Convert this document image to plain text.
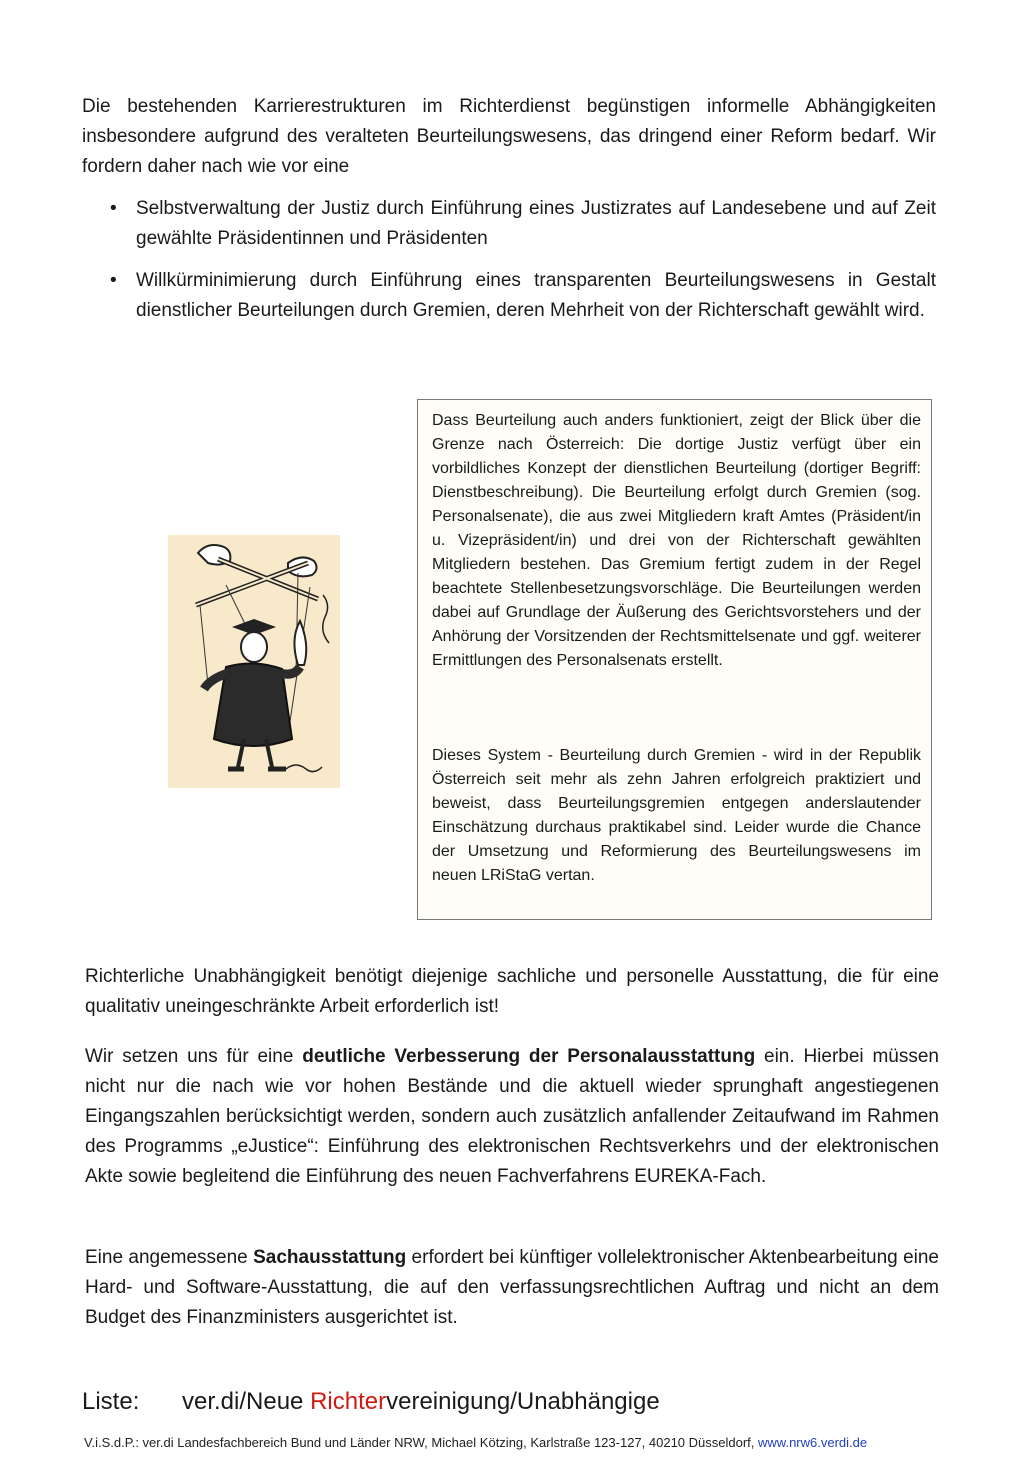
Die bestehenden Karrierestrukturen im Richterdienst begünstigen informelle Abhängigkeiten insbesondere aufgrund des veralteten Beurteilungswesens, das dringend einer Reform bedarf. Wir fordern daher nach wie vor eine

• Selbstverwaltung der Justiz durch Einführung eines Justizrates auf Landesebene und auf Zeit gewählte Präsidentinnen und Präsidenten
• Willkürminimierung durch Einführung eines transparenten Beurteilungswesens in Gestalt dienstlicher Beurteilungen durch Gremien, deren Mehrheit von der Richterschaft gewählt wird.

Dass Beurteilung auch anders funktioniert, zeigt der Blick über die Grenze nach Österreich: Die dortige Justiz verfügt über ein vorbildliches Konzept der dienstlichen Beurteilung (dortiger Begriff: Dienstbeschreibung). Die Beurteilung erfolgt durch Gremien (sog. Personalsenate), die aus zwei Mitgliedern kraft Amtes (Präsident/in u. Vizepräsident/in) und drei von der Richterschaft gewählten Mitgliedern bestehen. Das Gremium fertigt zudem in der Regel beachtete Stellenbesetzungsvorschläge. Die Beurteilungen werden dabei auf Grundlage der Äußerung des Gerichtsvorstehers und der Anhörung der Vorsitzenden der Rechtsmittelsenate und ggf. weiterer Ermittlungen des Personalsenats erstellt.

Dieses System - Beurteilung durch Gremien - wird in der Republik Österreich seit mehr als zehn Jahren erfolgreich praktiziert und beweist, dass Beurteilungsgremien entgegen anderslautender Einschätzung durchaus praktikabel sind. Leider wurde die Chance der Umsetzung und Reformierung des Beurteilungswesens im neuen LRiStaG vertan.

Richterliche Unabhängigkeit benötigt diejenige sachliche und personelle Ausstattung, die für eine qualitativ uneingeschränkte Arbeit erforderlich ist!

Wir setzen uns für eine deutliche Verbesserung der Personalausstattung ein. Hierbei müssen nicht nur die nach wie vor hohen Bestände und die aktuell wieder sprunghaft angestiegenen Eingangszahlen berücksichtigt werden, sondern auch zusätzlich anfallender Zeitaufwand im Rahmen des Programms „eJustice“: Einführung des elektronischen Rechtsverkehrs und der elektronischen Akte sowie begleitend die Einführung des neuen Fachverfahrens EUREKA-Fach.

Eine angemessene Sachausstattung erfordert bei künftiger vollelektronischer Aktenbearbeitung eine Hard- und Software-Ausstattung, die auf den verfassungsrechtlichen Auftrag und nicht an dem Budget des Finanzministers ausgerichtet ist.

Liste: ver.di/Neue Richtervereinigung/Unabhängige
V.i.S.d.P.: ver.di Landesfachbereich Bund und Länder NRW, Michael Kötzing, Karlstraße 123-127, 40210 Düsseldorf, www.nrw6.verdi.de
